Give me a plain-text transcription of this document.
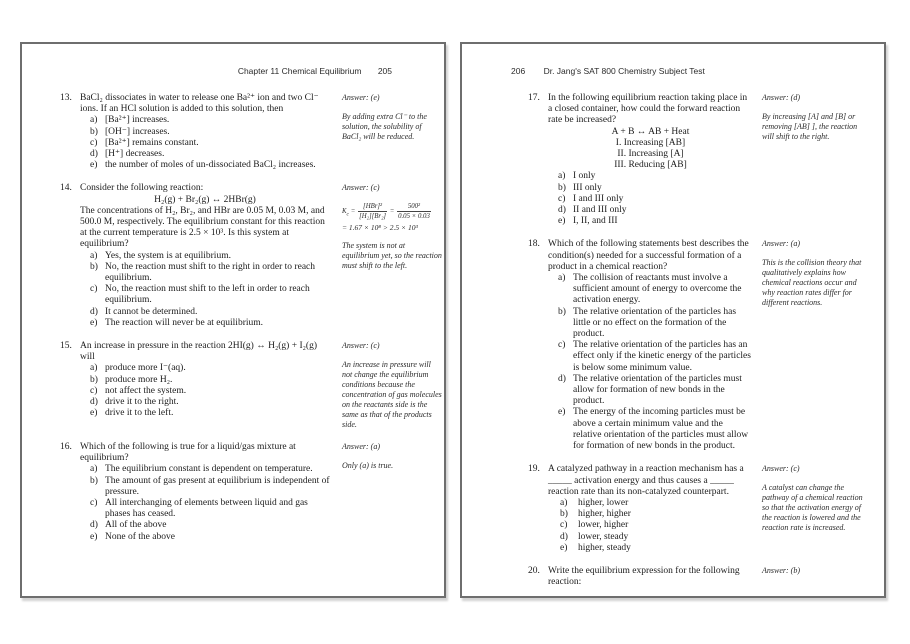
Chapter 11 Chemical Equilibrium 205
13. BaCl₂ dissociates in water to release one Ba²⁺ ion and two Cl⁻ ions. If an HCl solution is added to this solution, then
a) [Ba²⁺] increases.
b) [OH⁻] increases.
c) [Ba²⁺] remains constant.
d) [H⁺] decreases.
e) the number of moles of un-dissociated BaCl₂ increases.
Answer: (e)
By adding extra Cl⁻ to the solution, the solubility of BaCl₂ will be reduced.
14. Consider the following reaction:
H₂(g) + Br₂(g) ↔ 2HBr(g)
The concentrations of H₂, Br₂, and HBr are 0.05 M, 0.03 M, and 500.0 M, respectively. The equilibrium constant for this reaction at the current temperature is 2.5 × 10³. Is this system at equilibrium?
a) Yes, the system is at equilibrium.
b) No, the reaction must shift to the right in order to reach equilibrium.
c) No, the reaction must shift to the left in order to reach equilibrium.
d) It cannot be determined.
e) The reaction will never be at equilibrium.
Answer: (c)
$K_c = \frac{\text{[HBr]²}}{\text{[H₂][Br₂]}} = \frac{\text{500²}}{0.05 \times 0.03}$
= 1.67 × 10⁸ > 2.5 × 10³
The system is not at equilibrium yet, so the reaction must shift to the left.
15. An increase in pressure in the reaction 2HI(g) ↔ H₂(g) + I₂(g) will
a) produce more I⁻(aq).
b) produce more H₂.
c) not affect the system.
d) drive it to the right.
e) drive it to the left.
Answer: (c)
An increase in pressure will not change the equilibrium conditions because the concentration of gas molecules on the reactants side is the same as that of the products side.
16. Which of the following is true for a liquid/gas mixture at equilibrium?
a) The equilibrium constant is dependent on temperature.
b) The amount of gas present at equilibrium is independent of pressure.
c) All interchanging of elements between liquid and gas phases has ceased.
d) All of the above
e) None of the above
Answer: (a)
Only (a) is true.
206 Dr. Jang's SAT 800 Chemistry Subject Test
17. In the following equilibrium reaction taking place in a closed container, how could the forward reaction rate be increased?
A + B ↔ AB + Heat
I. Increasing [AB]
II. Increasing [A]
III. Reducing [AB]
a) I only
b) III only
c) I and III only
d) II and III only
e) I, II, and III
Answer: (d)
By increasing [A] and [B] or removing [AB] ], the reaction will shift to the right.
18. Which of the following statements best describes the condition(s) needed for a successful formation of a product in a chemical reaction?
a) The collision of reactants must involve a sufficient amount of energy to overcome the activation energy.
b) The relative orientation of the particles has little or no effect on the formation of the product.
c) The relative orientation of the particles has an effect only if the kinetic energy of the particles is below some minimum value.
d) The relative orientation of the particles must allow for formation of new bonds in the product.
e) The energy of the incoming particles must be above a certain minimum value and the relative orientation of the particles must allow for formation of new bonds in the product.
Answer: (a)
This is the collision theory that qualitatively explains how chemical reactions occur and why reaction rates differ for different reactions.
19. A catalyzed pathway in a reaction mechanism has a _____ activation energy and thus causes a _____ reaction rate than its non-catalyzed counterpart.
a)	higher, lower
b)	higher, higher
c)	lower, higher
d)	lower, steady
e)	higher, steady
Answer: (c)
A catalyst can change the pathway of a chemical reaction so that the activation energy of the reaction is lowered and the reaction rate is increased.
20. Write the equilibrium expression for the following reaction:
Answer: (b)
